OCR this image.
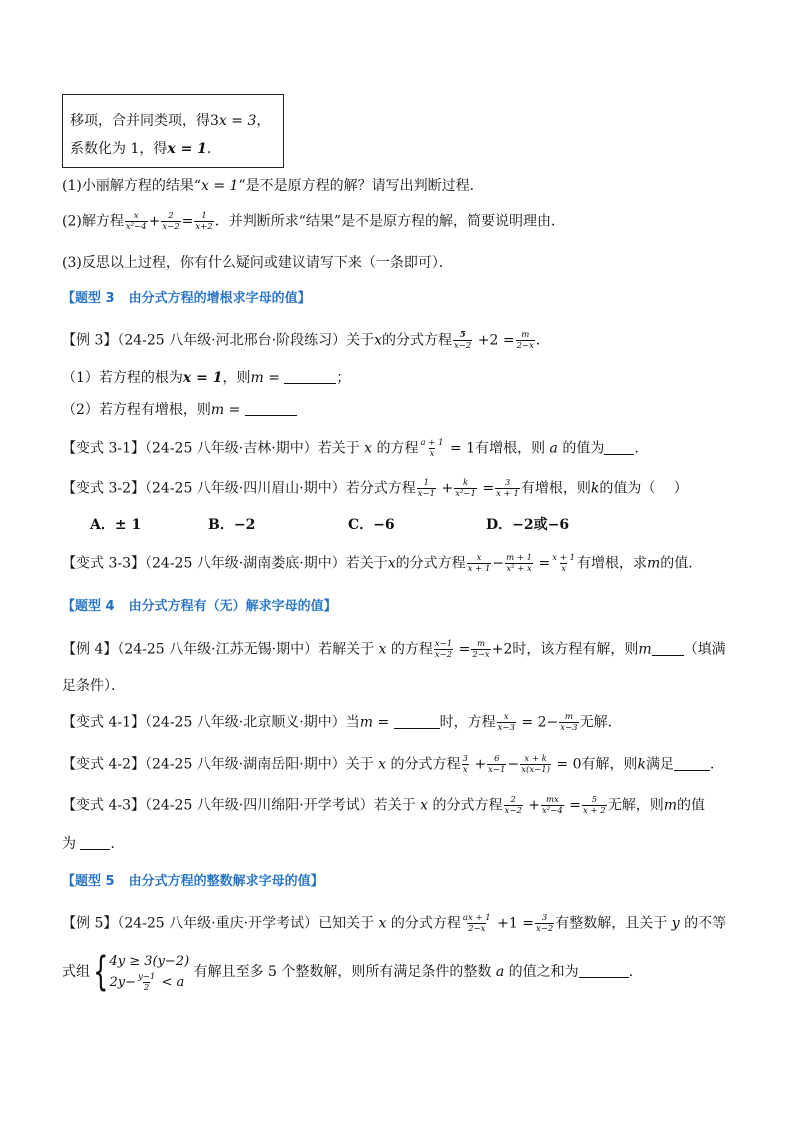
移项，合并同类项，得3x = 3，
系数化为 1，得x = 1．
(1)小丽解方程的结果“x = 1”是不是原方程的解？请写出判断过程．
(2)解方程 $\frac{x}{\text{x²−4}} + \frac{2}{x-2} = \frac{1}{x+2}$ ．并判断所求“结果”是不是原方程的解，简要说明理由．
(3)反思以上过程，你有什么疑问或建议请写下来（一条即可）．
【题型 3 由分式方程的增根求字母的值】
【例 3】（24-25 八年级·河北邢台·阶段练习）关于x的分式方程 $\frac{5}{x-2} +2 = \frac{m}{2-x}$ ．
（1）若方程的根为x = 1，则m =	；
（2）若方程有增根，则m =
【变式 3-1】（24-25 八年级·吉林·期中）若关于 x 的方程 $\frac{a + 1}{x} = 1$有增根，则 a 的值为 ．
【变式 3-2】（24-25 八年级·四川眉山·期中）若分式方程 $\frac{1}{x-1} + \frac{k}{\text{x²−1}} = \frac{3}{x + 1}$ 有增根，则k的值为（　 ）
A．± 1	B．−2	C．−6	D．−2或−6
【变式 3-3】（24-25 八年级·湖南娄底·期中）若关于x的分式方程 $\frac{x}{x + 1} - \frac{m + 1}{\text{x² + x}} = \frac{x + 1}{x}$ 有增根，求m的值．
【题型 4 由分式方程有（无）解求字母的值】
【例 4】（24-25 八年级·江苏无锡·期中）若解关于 x 的方程 $\frac{x-1}{x-2} = \frac{m}{2-x} +2$时，该方程有解，则m （填满
足条件）．
【变式 4-1】（24-25 八年级·北京顺义·期中）当m =	时，方程 $\frac{x}{x-3} = 2- \frac{m}{x-3}$ 无解．
【变式 4-2】（24-25 八年级·湖南岳阳·期中）关于 x 的分式方程 $\frac{3}{x} + \frac{6}{x-1} - \frac{x + k}{x(x-1)} = 0$有解，则k满足	．
【变式 4-3】（24-25 八年级·四川绵阳·开学考试）若关于 x 的分式方程 $\frac{2}{x-2} + \frac{mx}{\text{x²−4}} = \frac{5}{x + 2}$ 无解，则m的值
为 ．
【题型 5 由分式方程的整数解求字母的值】
【例 5】（24-25 八年级·重庆·开学考试）已知关于 x 的分式方程 $\frac{ax + 1}{2-x} +1 = \frac{3}{x-2}$ 有整数解，且关于 y 的不等
式组 { 4y ≥ 3(y−2)
$2y- \frac{y-1}{2} < a$
有解且至多 5 个整数解，则所有满足条件的整数 a 的值之和为	．
